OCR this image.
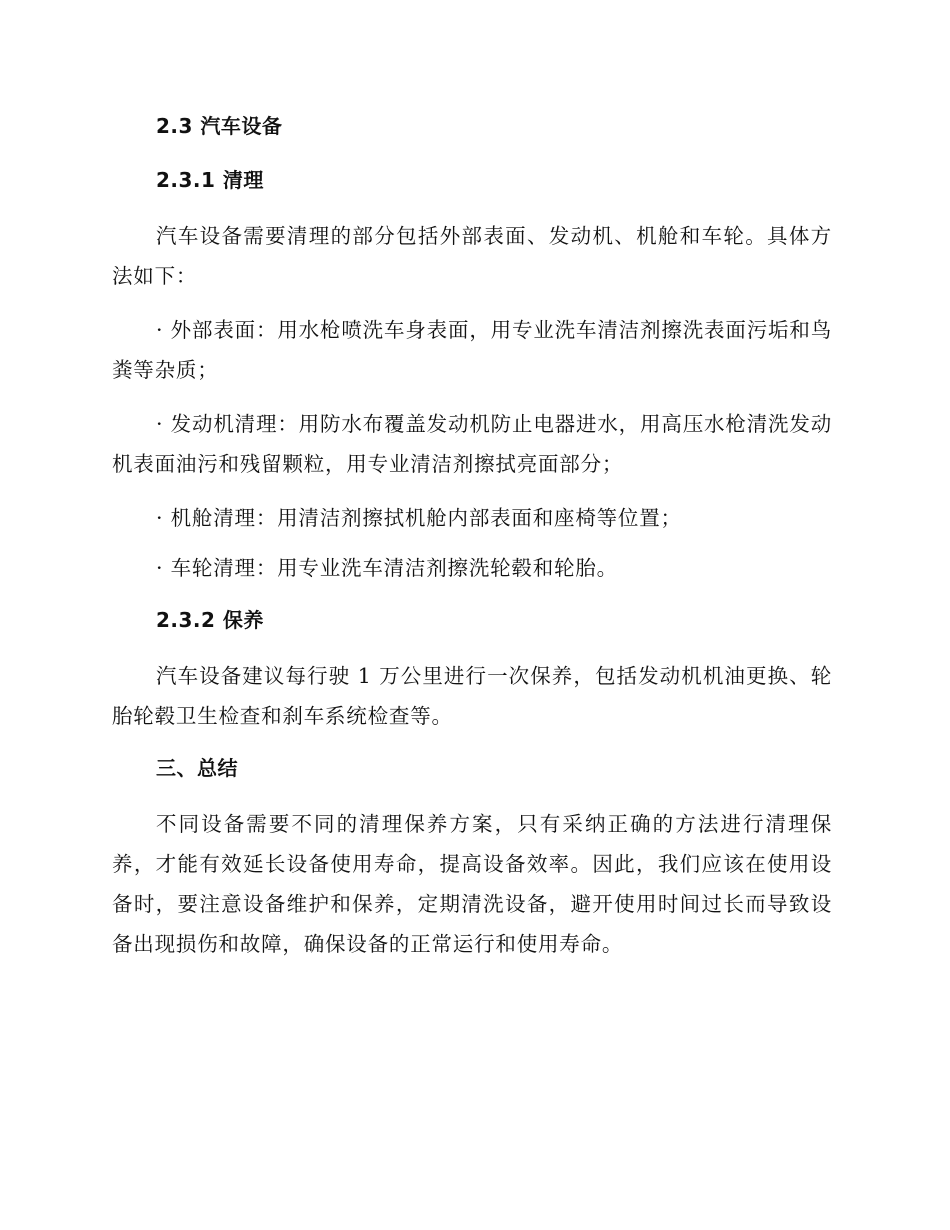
2.3 汽车设备
2.3.1 清理

汽车设备需要清理的部分包括外部表面、发动机、机舱和车轮。具体方法如下：

· 外部表面：用水枪喷洗车身表面，用专业洗车清洁剂擦洗表面污垢和鸟粪等杂质；

· 发动机清理：用防水布覆盖发动机防止电器进水，用高压水枪清洗发动机表面油污和残留颗粒，用专业清洁剂擦拭亮面部分；

· 机舱清理：用清洁剂擦拭机舱内部表面和座椅等位置；

· 车轮清理：用专业洗车清洁剂擦洗轮毂和轮胎。

2.3.2 保养

汽车设备建议每行驶 1 万公里进行一次保养，包括发动机机油更换、轮胎轮毂卫生检查和刹车系统检查等。

三、总结

不同设备需要不同的清理保养方案，只有采纳正确的方法进行清理保养，才能有效延长设备使用寿命，提高设备效率。因此，我们应该在使用设备时，要注意设备维护和保养，定期清洗设备，避开使用时间过长而导致设备出现损伤和故障，确保设备的正常运行和使用寿命。
